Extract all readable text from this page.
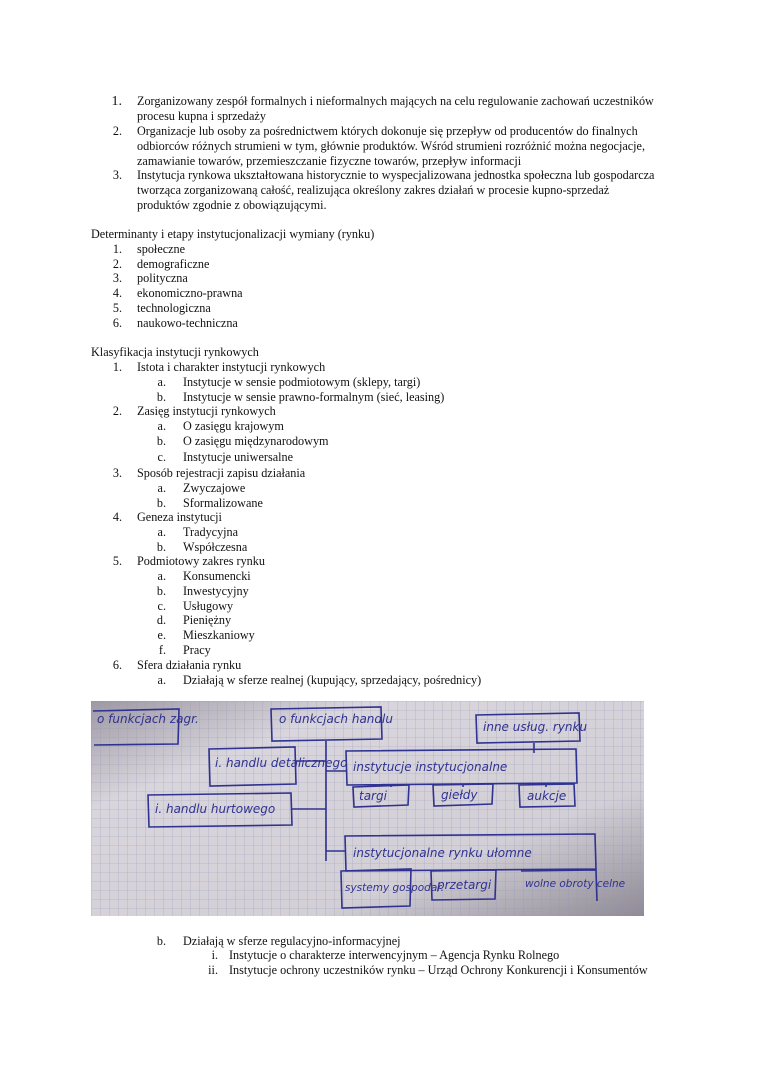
1. Zorganizowany zespół formalnych i nieformalnych mających na celu regulowanie zachowań uczestników
procesu kupna i sprzedaży
2. Organizacje lub osoby za pośrednictwem których dokonuje się przepływ od producentów do finalnych
odbiorców różnych strumieni w tym, głównie produktów. Wśród strumieni rozróżnić można negocjacje,
zamawianie towarów, przemieszczanie fizyczne towarów, przepływ informacji
3. Instytucja rynkowa ukształtowana historycznie to wyspecjalizowana jednostka społeczna lub gospodarcza
tworząca zorganizowaną całość, realizująca określony zakres działań w procesie kupno-sprzedaż
produktów zgodnie z obowiązującymi.
Determinanty i etapy instytucjonalizacji wymiany (rynku)
1. społeczne
2. demograficzne
3. polityczna
4. ekonomiczno-prawna
5. technologiczna
6. naukowo-techniczna
Klasyfikacja instytucji rynkowych
1. Istota i charakter instytucji rynkowych
a. Instytucje w sensie podmiotowym (sklepy, targi)
b. Instytucje w sensie prawno-formalnym (sieć, leasing)
2. Zasięg instytucji rynkowych
a. O zasięgu krajowym
b. O zasięgu międzynarodowym
c. Instytucje uniwersalne
3. Sposób rejestracji zapisu działania
a. Zwyczajowe
b. Sformalizowane
4. Geneza instytucji
a. Tradycyjna
b. Współczesna
5. Podmiotowy zakres rynku
a. Konsumencki
b. Inwestycyjny
c. Usługowy
d. Pieniężny
e. Mieszkaniowy
f. Pracy
6. Sfera działania rynku
a. Działają w sferze realnej (kupujący, sprzedający, pośrednicy)
o funkcjach zagr.	o funkcjach handlu
inne usług. rynku
i. handlu detalicznego
i. handlu hurtowego
instytucje instytucjonalne
targi	giełdy	aukcje
instytucjonalne rynku ułomne
systemy gospodar.
przetargi	wolne obroty celne
b. Działają w sferze regulacyjno-informacyjnej
i. Instytucje o charakterze interwencyjnym – Agencja Rynku Rolnego
ii. Instytucje ochrony uczestników rynku – Urząd Ochrony Konkurencji i Konsumentów
